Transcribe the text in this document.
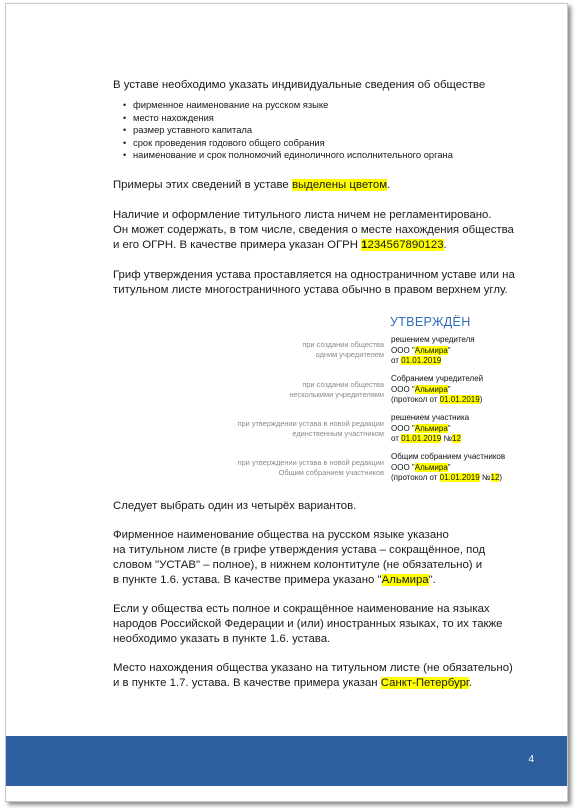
В уставе необходимо указать индивидуальные сведения об обществе

• фирменное наименование на русском языке
• место нахождения
• размер уставного капитала
• срок проведения годового общего собрания
• наименование и срок полномочий единоличного исполнительного органа

Примеры этих сведений в уставе выделены цветом.

Наличие и оформление титульного листа ничем не регламентировано.

Он может содержать, в том числе, сведения о месте нахождения общества

и его ОГРН. В качестве примера указан ОГРН 1234567890123.

Гриф утверждения устава проставляется на одностраничном уставе или на

титульном листе многостраничного устава обычно в правом верхнем углу.

УТВЕРЖДЁН
при создании общества
одним учредителем
решением учредителя
ООО "Альмира"
от 01.01.2019
при создании общества
несколькими учредителями
Собранием учредителей
ООО "Альмира"
(протокол от 01.01.2019)
при утверждении устава в новой редакции
единственным участником
решением участника
ООО "Альмира"
от 01.01.2019 №12
при утверждении устава в новой редакции
Общим собранием участников
Общим собранием участников
ООО "Альмира"
(протокол от 01.01.2019 №12)

Следует выбрать один из четырёх вариантов.

Фирменное наименование общества на русском языке указано

на титульном листе (в грифе утверждения устава – сокращённое, под

словом "УСТАВ" – полное), в нижнем колонтитуле (не обязательно) и

в пункте 1.6. устава. В качестве примера указано "Альмира".

Если у общества есть полное и сокращённое наименование на языках

народов Российской Федерации и (или) иностранных языках, то их также

необходимо указать в пункте 1.6. устава.

Место нахождения общества указано на титульном листе (не обязательно)

и в пункте 1.7. устава. В качестве примера указан Санкт-Петербург.

4
